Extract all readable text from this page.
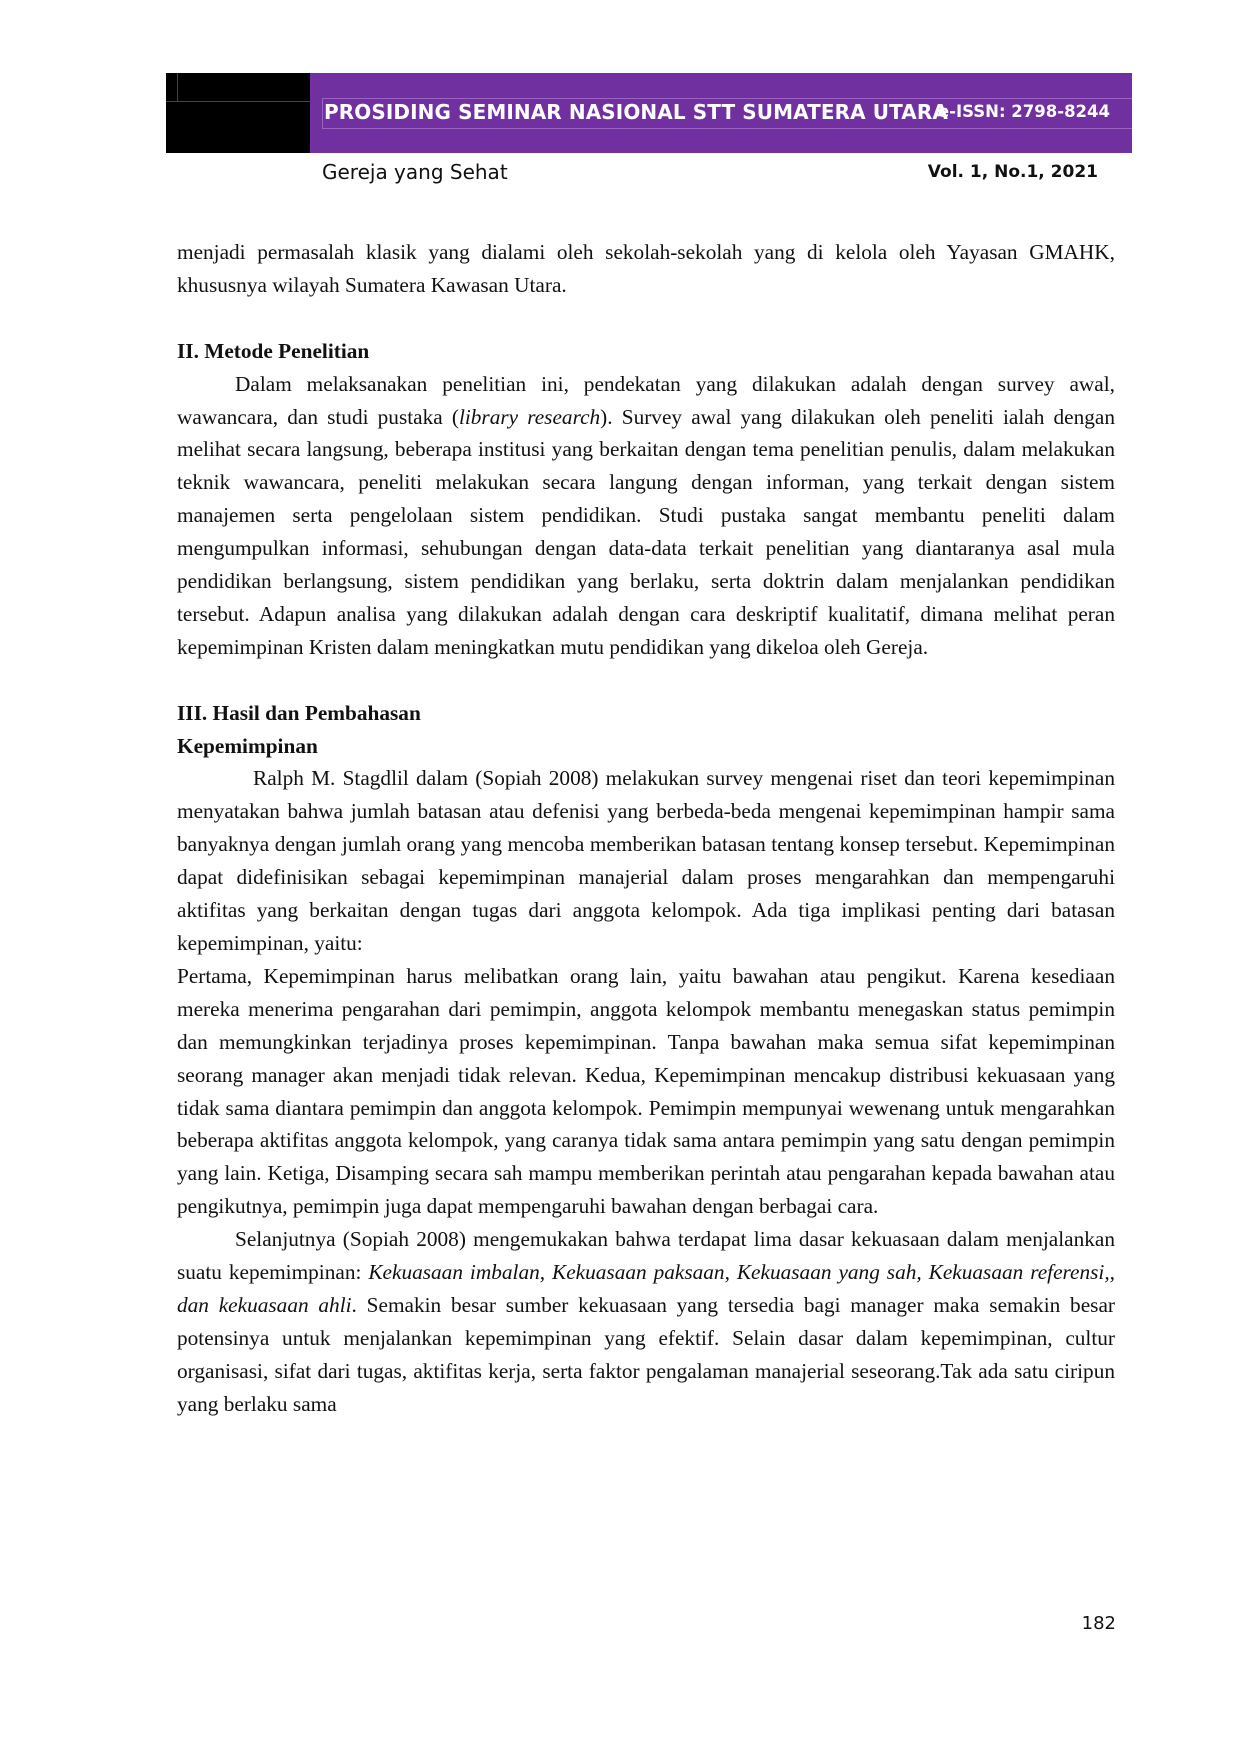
PROSIDING SEMINAR NASIONAL STT SUMATERA UTARA
e-ISSN: 2798-8244
Gereja yang Sehat	Vol. 1, No.1, 2021

menjadi permasalah klasik yang dialami oleh sekolah-sekolah yang di kelola oleh Yayasan GMAHK, khususnya wilayah Sumatera Kawasan Utara.

II. Metode Penelitian

Dalam melaksanakan penelitian ini, pendekatan yang dilakukan adalah dengan survey awal, wawancara, dan studi pustaka (library research). Survey awal yang dilakukan oleh peneliti ialah dengan melihat secara langsung, beberapa institusi yang berkaitan dengan tema penelitian penulis, dalam melakukan teknik wawancara, peneliti melakukan secara langung dengan informan, yang terkait dengan sistem manajemen serta pengelolaan sistem pendidikan. Studi pustaka sangat membantu peneliti dalam mengumpulkan informasi, sehubungan dengan data-data terkait penelitian yang diantaranya asal mula pendidikan berlangsung, sistem pendidikan yang berlaku, serta doktrin dalam menjalankan pendidikan tersebut. Adapun analisa yang dilakukan adalah dengan cara deskriptif kualitatif, dimana melihat peran kepemimpinan Kristen dalam meningkatkan mutu pendidikan yang dikeloa oleh Gereja.

III. Hasil dan Pembahasan
Kepemimpinan

Ralph M. Stagdlil dalam (Sopiah 2008) melakukan survey mengenai riset dan teori kepemimpinan menyatakan bahwa jumlah batasan atau defenisi yang berbeda-beda mengenai kepemimpinan hampir sama banyaknya dengan jumlah orang yang mencoba memberikan batasan tentang konsep tersebut. Kepemimpinan dapat didefinisikan sebagai kepemimpinan manajerial dalam proses mengarahkan dan mempengaruhi aktifitas yang berkaitan dengan tugas dari anggota kelompok. Ada tiga implikasi penting dari batasan kepemimpinan, yaitu:

Pertama, Kepemimpinan harus melibatkan orang lain, yaitu bawahan atau pengikut. Karena kesediaan mereka menerima pengarahan dari pemimpin, anggota kelompok membantu menegaskan status pemimpin dan memungkinkan terjadinya proses kepemimpinan. Tanpa bawahan maka semua sifat kepemimpinan seorang manager akan menjadi tidak relevan. Kedua, Kepemimpinan mencakup distribusi kekuasaan yang tidak sama diantara pemimpin dan anggota kelompok. Pemimpin mempunyai wewenang untuk mengarahkan beberapa aktifitas anggota kelompok, yang caranya tidak sama antara pemimpin yang satu dengan pemimpin yang lain. Ketiga, Disamping secara sah mampu memberikan perintah atau pengarahan kepada bawahan atau pengikutnya, pemimpin juga dapat mempengaruhi bawahan dengan berbagai cara.

Selanjutnya (Sopiah 2008) mengemukakan bahwa terdapat lima dasar kekuasaan dalam menjalankan suatu kepemimpinan: Kekuasaan imbalan, Kekuasaan paksaan, Kekuasaan yang sah, Kekuasaan referensi,, dan kekuasaan ahli. Semakin besar sumber kekuasaan yang tersedia bagi manager maka semakin besar potensinya untuk menjalankan kepemimpinan yang efektif. Selain dasar dalam kepemimpinan, cultur organisasi, sifat dari tugas, aktifitas kerja, serta faktor pengalaman manajerial seseorang.Tak ada satu ciripun yang berlaku sama

182
